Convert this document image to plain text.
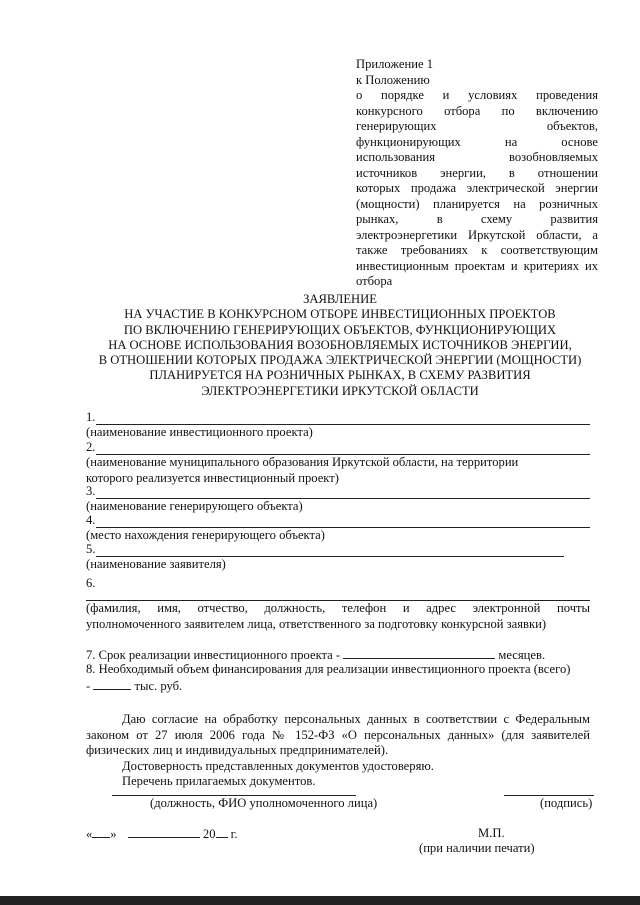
Приложение 1
к Положению
о порядке и условиях проведения
конкурсного отбора по включению
генерирующих объектов,
функционирующих на основе
использования возобновляемых
источников энергии, в отношении
которых продажа электрической энергии
(мощности) планируется на розничных
рынках, в схему развития
электроэнергетики Иркутской области, а
также требованиях к соответствующим
инвестиционным проектам и критериях их
отбора
ЗАЯВЛЕНИЕ
НА УЧАСТИЕ В КОНКУРСНОМ ОТБОРЕ ИНВЕСТИЦИОННЫХ ПРОЕКТОВ
ПО ВКЛЮЧЕНИЮ ГЕНЕРИРУЮЩИХ ОБЪЕКТОВ, ФУНКЦИОНИРУЮЩИХ
НА ОСНОВЕ ИСПОЛЬЗОВАНИЯ ВОЗОБНОВЛЯЕМЫХ ИСТОЧНИКОВ ЭНЕРГИИ,
В ОТНОШЕНИИ КОТОРЫХ ПРОДАЖА ЭЛЕКТРИЧЕСКОЙ ЭНЕРГИИ (МОЩНОСТИ)
ПЛАНИРУЕТСЯ НА РОЗНИЧНЫХ РЫНКАХ, В СХЕМУ РАЗВИТИЯ
ЭЛЕКТРОЭНЕРГЕТИКИ ИРКУТСКОЙ ОБЛАСТИ
1.
(наименование инвестиционного проекта)
2.
(наименование муниципального образования Иркутской области, на территории
которого реализуется инвестиционный проект)
3.
(наименование генерирующего объекта)
4.
(место нахождения генерирующего объекта)
5.
(наименование заявителя)
6.
(фамилия, имя, отчество, должность, телефон и адрес электронной почты
уполномоченного заявителем лица, ответственного за подготовку конкурсной заявки)
7. Срок реализации инвестиционного проекта -	месяцев.
8. Необходимый объем финансирования для реализации инвестиционного проекта (всего)
-	тыс. руб.
Даю согласие на обработку персональных данных в соответствии с Федеральным
законом от 27 июля 2006 года № 152-ФЗ «О персональных данных» (для заявителей
физических лиц и индивидуальных предпринимателей).
Достоверность представленных документов удостоверяю.
Перечень прилагаемых документов.
(должность, ФИО уполномоченного лица)	(подпись)
« »	20 г.	М.П.
(при наличии печати)
